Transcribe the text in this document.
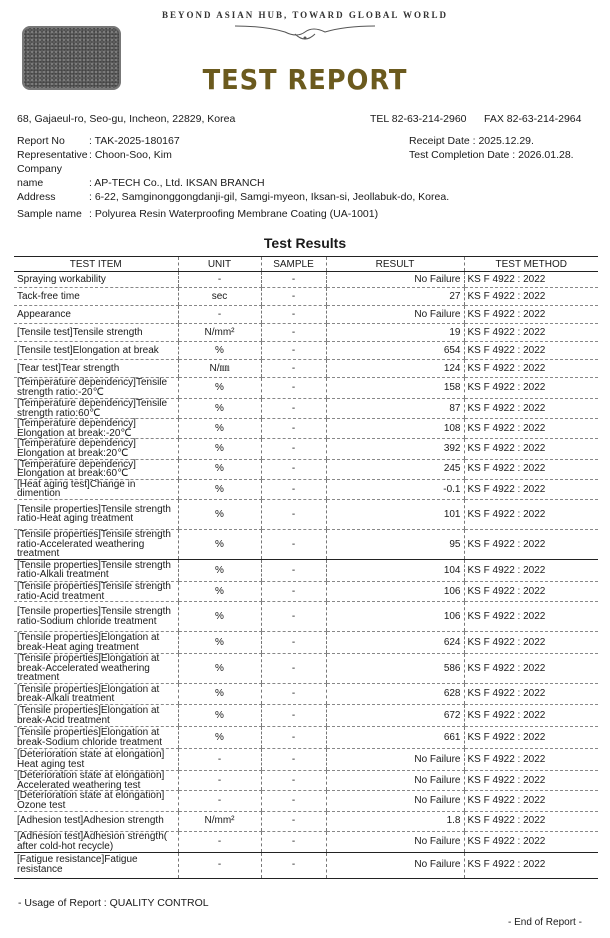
BEYOND ASIAN HUB, TOWARD GLOBAL WORLD
TEST REPORT
68, Gajaeul-ro, Seo-gu, Incheon, 22829, Korea	TEL 82-63-214-2960 FAX 82-63-214-2964
Report No : TAK-2025-180167
Representative: Choon-Soo, Kim
Company name	: AP-TECH Co., Ltd. IKSAN BRANCH
Address	: 6-22, Samginonggongdanji-gil, Samgi-myeon, Iksan-si, Jeollabuk-do, Korea.
Receipt Date : 2025.12.29.
Test Completion Date : 2026.01.28.
Sample name : Polyurea Resin Waterproofing Membrane Coating (UA-1001)
Test Results
TEST ITEM	UNIT	SAMPLE	RESULT	TEST METHOD
Spraying workability	-	-	No Failure	KS F 4922 : 2022
Tack-free time	sec	-	27	KS F 4922 : 2022
Appearance	-	-	No Failure	KS F 4922 : 2022
[Tensile test]Tensile strength	N/mm²	-	19	KS F 4922 : 2022
[Tensile test]Elongation at break	%	-	654	KS F 4922 : 2022
[Tear test]Tear strength	N/㎜	-	124	KS F 4922 : 2022
[Temperature dependency]Tensile strength ratio:-20℃	%	-	158	KS F 4922 : 2022
[Temperature dependency]Tensile strength ratio:60℃	%	-	87	KS F 4922 : 2022
[Temperature dependency] Elongation at break:-20℃	%	-	108	KS F 4922 : 2022
[Temperature dependency] Elongation at break:20℃	%	-	392	KS F 4922 : 2022
[Temperature dependency] Elongation at break:60℃	%	-	245	KS F 4922 : 2022
[Heat aging test]Change in dimention	%	-	-0.1	KS F 4922 : 2022
[Tensile properties]Tensile strength ratio-Heat aging treatment	%	-	101	KS F 4922 : 2022
[Tensile properties]Tensile strength ratio-Accelerated weathering treatment	%	-	95	KS F 4922 : 2022
[Tensile properties]Tensile strength ratio-Alkali treatment	%	-	104	KS F 4922 : 2022
[Tensile properties]Tensile strength ratio-Acid treatment	%	-	106	KS F 4922 : 2022
[Tensile properties]Tensile strength ratio-Sodium chloride treatment	%	-	106	KS F 4922 : 2022
[Tensile properties]Elongation at break-Heat aging treatment	%	-	624	KS F 4922 : 2022
[Tensile properties]Elongation at break-Accelerated weathering treatment	%	-	586	KS F 4922 : 2022
[Tensile properties]Elongation at break-Alkali treatment	%	-	628	KS F 4922 : 2022
[Tensile properties]Elongation at break-Acid treatment	%	-	672	KS F 4922 : 2022
[Tensile properties]Elongation at break-Sodium chloride treatment	%	-	661	KS F 4922 : 2022
[Deterioration state at elongation] Heat aging test	-	-	No Failure	KS F 4922 : 2022
[Deterioration state at elongation] Accelerated weathering test	-	-	No Failure	KS F 4922 : 2022
[Deterioration state at elongation] Ozone test	-	-	No Failure	KS F 4922 : 2022
[Adhesion test]Adhesion strength	N/mm²	-	1.8	KS F 4922 : 2022
[Adhesion test]Adhesion strength( after cold-hot recycle)	-	-	No Failure	KS F 4922 : 2022
[Fatigue resistance]Fatigue resistance	-	-	No Failure	KS F 4922 : 2022
- Usage of Report : QUALITY CONTROL
- End of Report -
